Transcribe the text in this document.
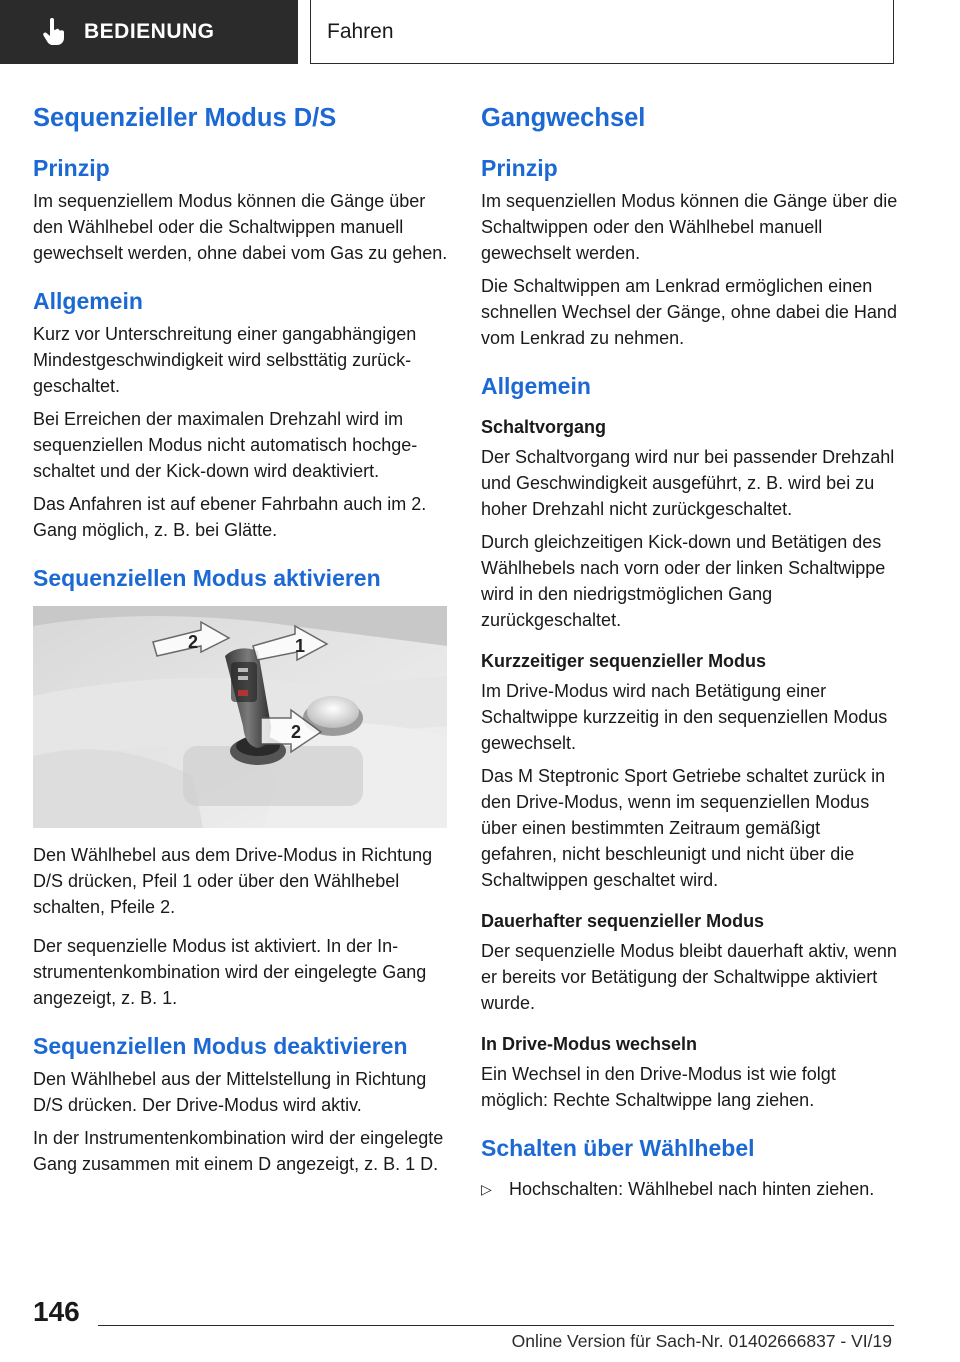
BEDIENUNG	Fahren
Sequenzieller Modus D/S
Prinzip

Im sequenziellem Modus können die Gänge über den Wählhebel oder die Schaltwippen manuell gewechselt werden, ohne dabei vom Gas zu gehen.

Allgemein

Kurz vor Unterschreitung einer gangabhängigen Mindestgeschwindigkeit wird selbsttätig zurückgeschaltet.

Bei Erreichen der maximalen Drehzahl wird im sequenziellen Modus nicht automatisch hochgeschaltet und der Kick-down wird deaktiviert.

Das Anfahren ist auf ebener Fahrbahn auch im 2. Gang möglich, z. B. bei Glätte.

Sequenziellen Modus aktivieren
2	1
2

Den Wählhebel aus dem Drive-Modus in Richtung D/S drücken, Pfeil 1 oder über den Wählhebel schalten, Pfeile 2.

Der sequenzielle Modus ist aktiviert. In der Instrumentenkombination wird der eingelegte Gang angezeigt, z. B. 1.

Sequenziellen Modus deaktivieren

Den Wählhebel aus der Mittelstellung in Richtung D/S drücken. Der Drive-Modus wird aktiv.

In der Instrumentenkombination wird der eingelegte Gang zusammen mit einem D angezeigt, z. B. 1 D.

Gangwechsel
Prinzip

Im sequenziellen Modus können die Gänge über die Schaltwippen oder den Wählhebel manuell gewechselt werden.

Die Schaltwippen am Lenkrad ermöglichen einen schnellen Wechsel der Gänge, ohne dabei die Hand vom Lenkrad zu nehmen.

Allgemein
Schaltvorgang

Der Schaltvorgang wird nur bei passender Drehzahl und Geschwindigkeit ausgeführt, z. B. wird bei zu hoher Drehzahl nicht zurückgeschaltet.

Durch gleichzeitigen Kick-down und Betätigen des Wählhebels nach vorn oder der linken Schaltwippe wird in den niedrigstmöglichen Gang zurückgeschaltet.

Kurzzeitiger sequenzieller Modus

Im Drive-Modus wird nach Betätigung einer Schaltwippe kurzzeitig in den sequenziellen Modus gewechselt.

Das M Steptronic Sport Getriebe schaltet zurück in den Drive-Modus, wenn im sequenziellen Modus über einen bestimmten Zeitraum gemäßigt gefahren, nicht beschleunigt und nicht über die Schaltwippen geschaltet wird.

Dauerhafter sequenzieller Modus

Der sequenzielle Modus bleibt dauerhaft aktiv, wenn er bereits vor Betätigung der Schaltwippe aktiviert wurde.

In Drive-Modus wechseln

Ein Wechsel in den Drive-Modus ist wie folgt möglich: Rechte Schaltwippe lang ziehen.

Schalten über Wählhebel
▷ Hochschalten: Wählhebel nach hinten ziehen.
146
Online Version für Sach-Nr. 01402666837 - VI/19
